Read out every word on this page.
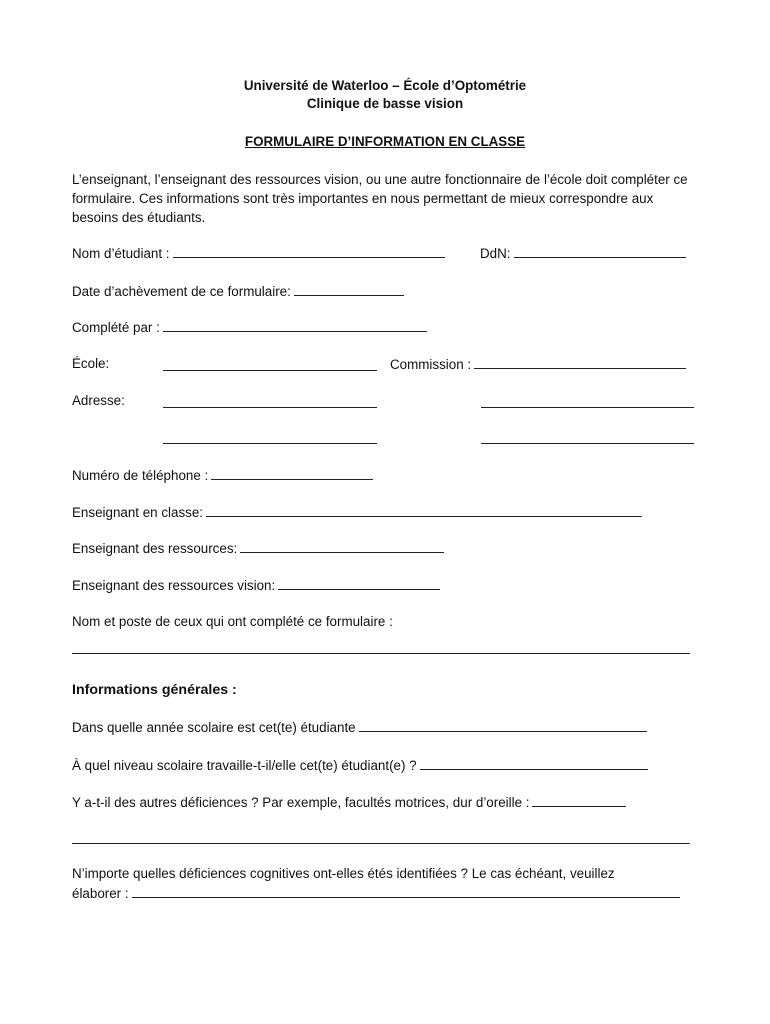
Université de Waterloo – École d’Optométrie
Clinique de basse vision
FORMULAIRE D’INFORMATION EN CLASSE
L’enseignant, l’enseignant des ressources vision, ou une autre fonctionnaire de l’école doit compléter ce formulaire. Ces informations sont très importantes en nous permettant de mieux correspondre aux besoins des étudiants.
Nom d’étudiant :	DdN:
Date d’achèvement de ce formulaire:
Complété par :
École:	Commission :
Adresse:
Numéro de téléphone :
Enseignant en classe:
Enseignant des ressources:
Enseignant des ressources vision:
Nom et poste de ceux qui ont complété ce formulaire :
Informations générales :
Dans quelle année scolaire est cet(te) étudiante
À quel niveau scolaire travaille-t-il/elle cet(te) étudiant(e) ?
Y a-t-il des autres déficiences ? Par exemple, facultés motrices, dur d’oreille :
N’importe quelles déficiences cognitives ont-elles étés identifiées ? Le cas échéant, veuillez
élaborer :
